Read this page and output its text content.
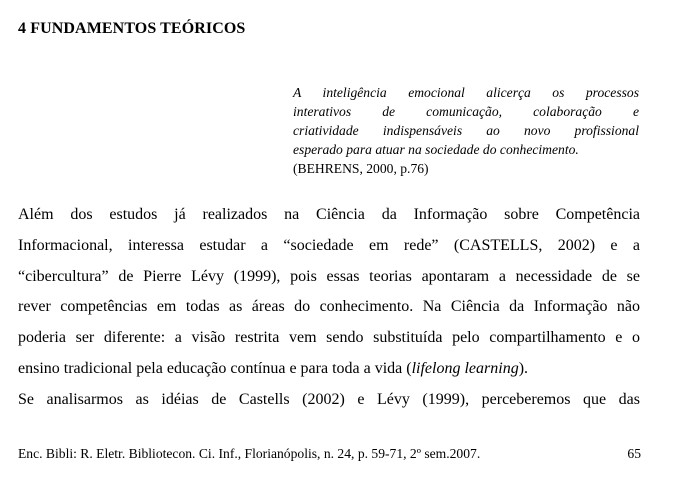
4 FUNDAMENTOS TEÓRICOS
A inteligência emocional alicerça os processos
interativos de comunicação, colaboração e
criatividade indispensáveis ao novo profissional
esperado para atuar na sociedade do conhecimento.
(BEHRENS, 2000, p.76)
Além dos estudos já realizados na Ciência da Informação sobre Competência
Informacional, interessa estudar a “sociedade em rede” (CASTELLS, 2002) e a
“cibercultura” de Pierre Lévy (1999), pois essas teorias apontaram a necessidade de se
rever competências em todas as áreas do conhecimento. Na Ciência da Informação não
poderia ser diferente: a visão restrita vem sendo substituída pelo compartilhamento e o
ensino tradicional pela educação contínua e para toda a vida (lifelong learning).
Se analisarmos as idéias de Castells (2002) e Lévy (1999), perceberemos que das
Enc. Bibli: R. Eletr. Bibliotecon. Ci. Inf., Florianópolis, n. 24, p. 59-71, 2º sem.2007.	65
